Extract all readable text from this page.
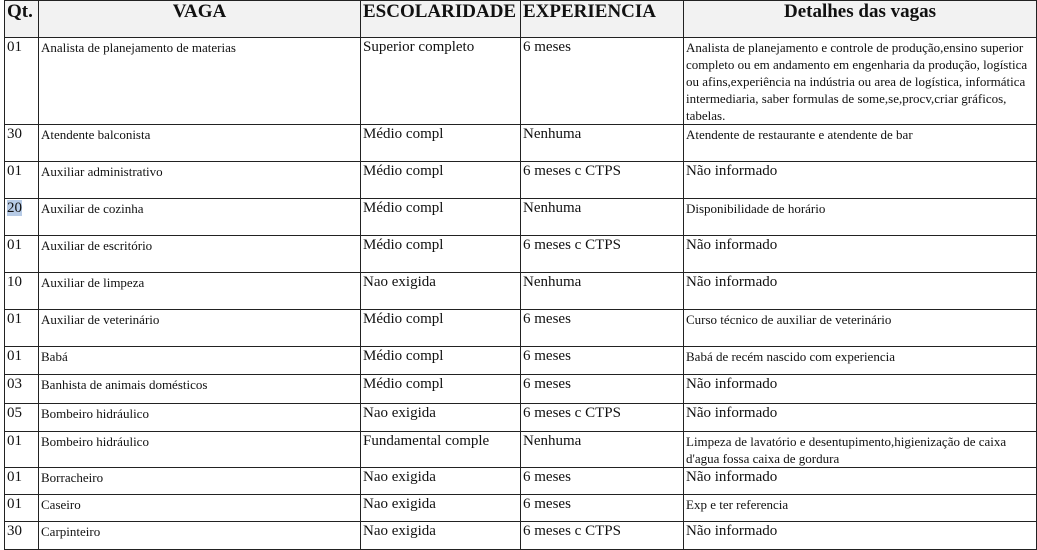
Qt.	VAGA	ESCOLARIDADE	EXPERIENCIA	Detalhes das vagas
01	Analista de planejamento de materias	Superior completo	6 meses	Analista de planejamento e controle de produção,ensino superior completo ou em andamento em engenharia da produção, logística ou afins,experiência na indústria ou area de logística, informática intermediaria, saber formulas de some,se,procv,criar gráficos, tabelas.
30	Atendente balconista	Médio compl	Nenhuma	Atendente de restaurante e atendente de bar
01	Auxiliar administrativo	Médio compl	6 meses c CTPS	Não informado
20	Auxiliar de cozinha	Médio compl	Nenhuma	Disponibilidade de horário
01	Auxiliar de escritório	Médio compl	6 meses c CTPS	Não informado
10	Auxiliar de limpeza	Nao exigida	Nenhuma	Não informado
01	Auxiliar de veterinário	Médio compl	6 meses	Curso técnico de auxiliar de veterinário
01	Babá	Médio compl	6 meses	Babá de recém nascido com experiencia
03	Banhista de animais domésticos	Médio compl	6 meses	Não informado
05	Bombeiro hidráulico	Nao exigida	6 meses c CTPS	Não informado
01	Bombeiro hidráulico	Fundamental comple	Nenhuma	Limpeza de lavatório e desentupimento,higienização de caixa d'agua fossa caixa de gordura
01	Borracheiro	Nao exigida	6 meses	Não informado
01	Caseiro	Nao exigida	6 meses	Exp e ter referencia
30	Carpinteiro	Nao exigida	6 meses c CTPS	Não informado
